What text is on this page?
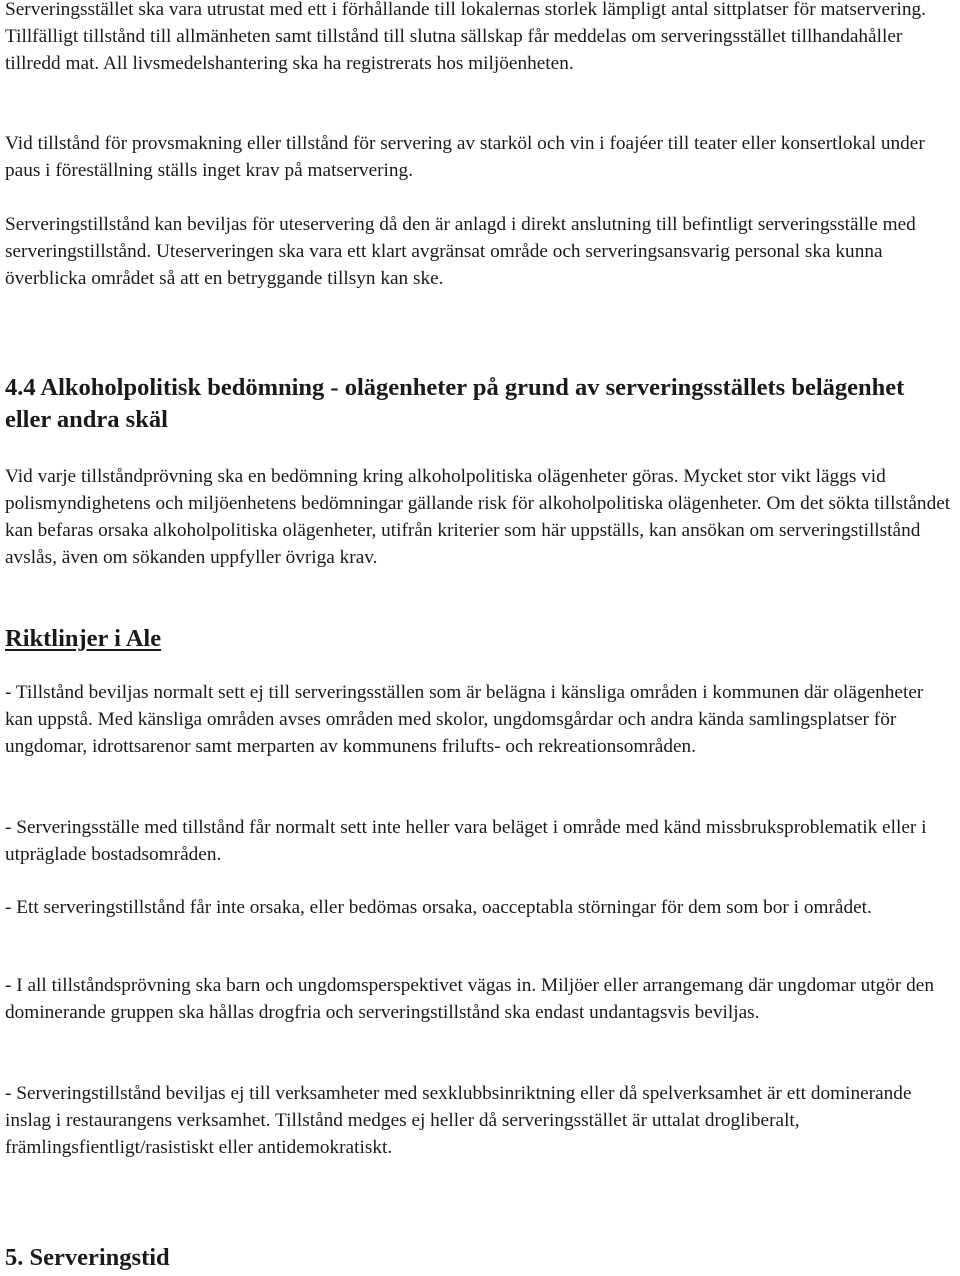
Serveringsstället ska vara utrustat med ett i förhållande till lokalernas storlek lämpligt antal sittplatser för matservering. Tillfälligt tillstånd till allmänheten samt tillstånd till slutna sällskap får meddelas om serveringsstället tillhandahåller tillredd mat. All livsmedelshantering ska ha registrerats hos miljöenheten.

Vid tillstånd för provsmakning eller tillstånd för servering av starköl och vin i foajéer till teater eller konsertlokal under paus i föreställning ställs inget krav på matservering.

Serveringstillstånd kan beviljas för uteservering då den är anlagd i direkt anslutning till befintligt serveringsställe med serveringstillstånd. Uteserveringen ska vara ett klart avgränsat område och serveringsansvarig personal ska kunna överblicka området så att en betryggande tillsyn kan ske.

4.4 Alkoholpolitisk bedömning - olägenheter på grund av serveringsställets belägenhet eller andra skäl

Vid varje tillståndprövning ska en bedömning kring alkoholpolitiska olägenheter göras. Mycket stor vikt läggs vid polismyndighetens och miljöenhetens bedömningar gällande risk för alkoholpolitiska olägenheter. Om det sökta tillståndet kan befaras orsaka alkoholpolitiska olägenheter, utifrån kriterier som här uppställs, kan ansökan om serveringstillstånd avslås, även om sökanden uppfyller övriga krav.

Riktlinjer i Ale

- Tillstånd beviljas normalt sett ej till serveringsställen som är belägna i känsliga områden i kommunen där olägenheter kan uppstå. Med känsliga områden avses områden med skolor, ungdomsgårdar och andra kända samlingsplatser för ungdomar, idrottsarenor samt merparten av kommunens frilufts- och rekreationsområden.

- Serveringsställe med tillstånd får normalt sett inte heller vara beläget i område med känd missbruksproblematik eller i utpräglade bostadsområden.

- Ett serveringstillstånd får inte orsaka, eller bedömas orsaka, oacceptabla störningar för dem som bor i området.

- I all tillståndsprövning ska barn och ungdomsperspektivet vägas in. Miljöer eller arrangemang där ungdomar utgör den dominerande gruppen ska hållas drogfria och serveringstillstånd ska endast undantagsvis beviljas.

- Serveringstillstånd beviljas ej till verksamheter med sexklubbsinriktning eller då spelverksamhet är ett dominerande inslag i restaurangens verksamhet. Tillstånd medges ej heller då serveringsstället är uttalat drogliberalt, främlingsfientligt/rasistiskt eller antidemokratiskt.

5. Serveringstid
